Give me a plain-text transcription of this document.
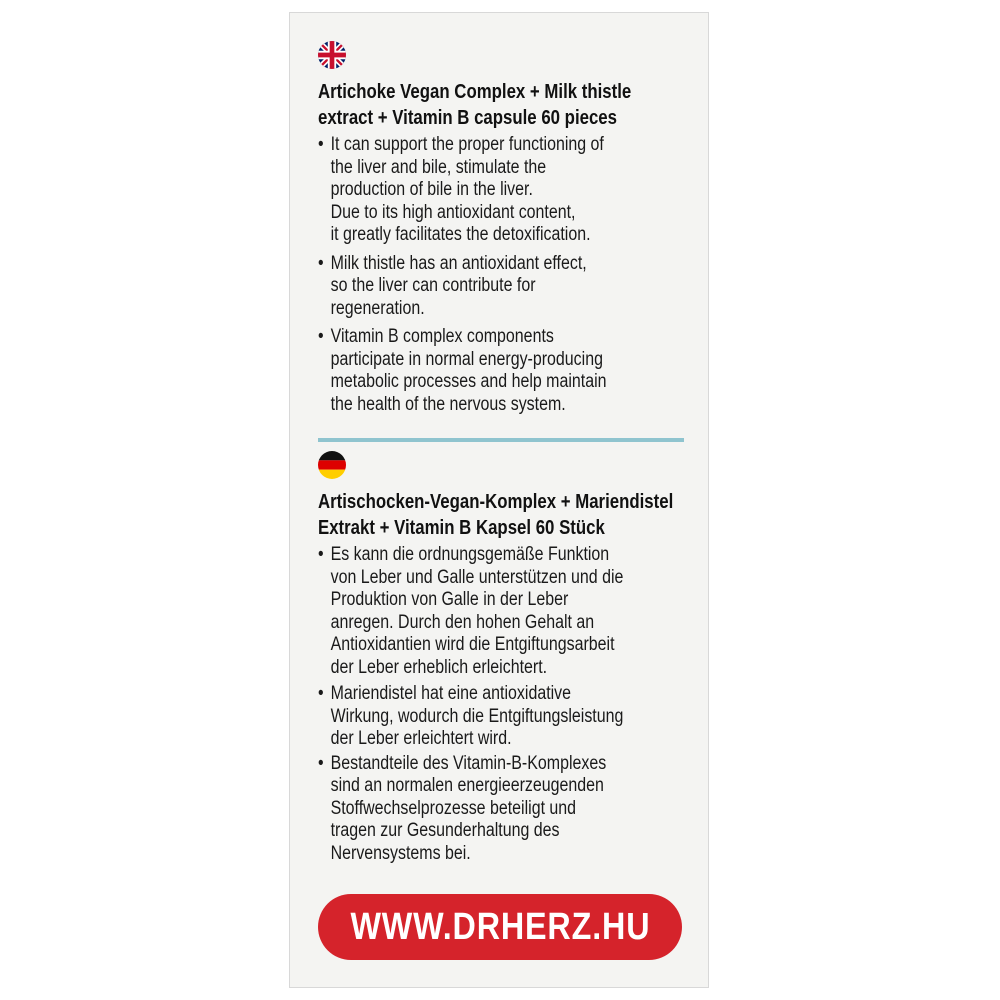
Artichoke Vegan Complex + Milk thistle

extract + Vitamin B capsule 60 pieces

• It can support the proper functioning of
the liver and bile, stimulate the
production of bile in the liver.
Due to its high antioxidant content,
it greatly facilitates the detoxification.
• Milk thistle has an antioxidant effect,
so the liver can contribute for
regeneration.
• Vitamin B complex components
participate in normal energy-producing
metabolic processes and help maintain
the health of the nervous system.

Artischocken-Vegan-Komplex + Mariendistel

Extrakt + Vitamin B Kapsel 60 Stück

• Es kann die ordnungsgemäße Funktion
von Leber und Galle unterstützen und die
Produktion von Galle in der Leber
anregen. Durch den hohen Gehalt an
Antioxidantien wird die Entgiftungsarbeit
der Leber erheblich erleichtert.
• Mariendistel hat eine antioxidative
Wirkung, wodurch die Entgiftungsleistung
der Leber erleichtert wird.
• Bestandteile des Vitamin-B-Komplexes
sind an normalen energieerzeugenden
Stoffwechselprozesse beteiligt und
tragen zur Gesunderhaltung des
Nervensystems bei.
WWW.DRHERZ.HU
